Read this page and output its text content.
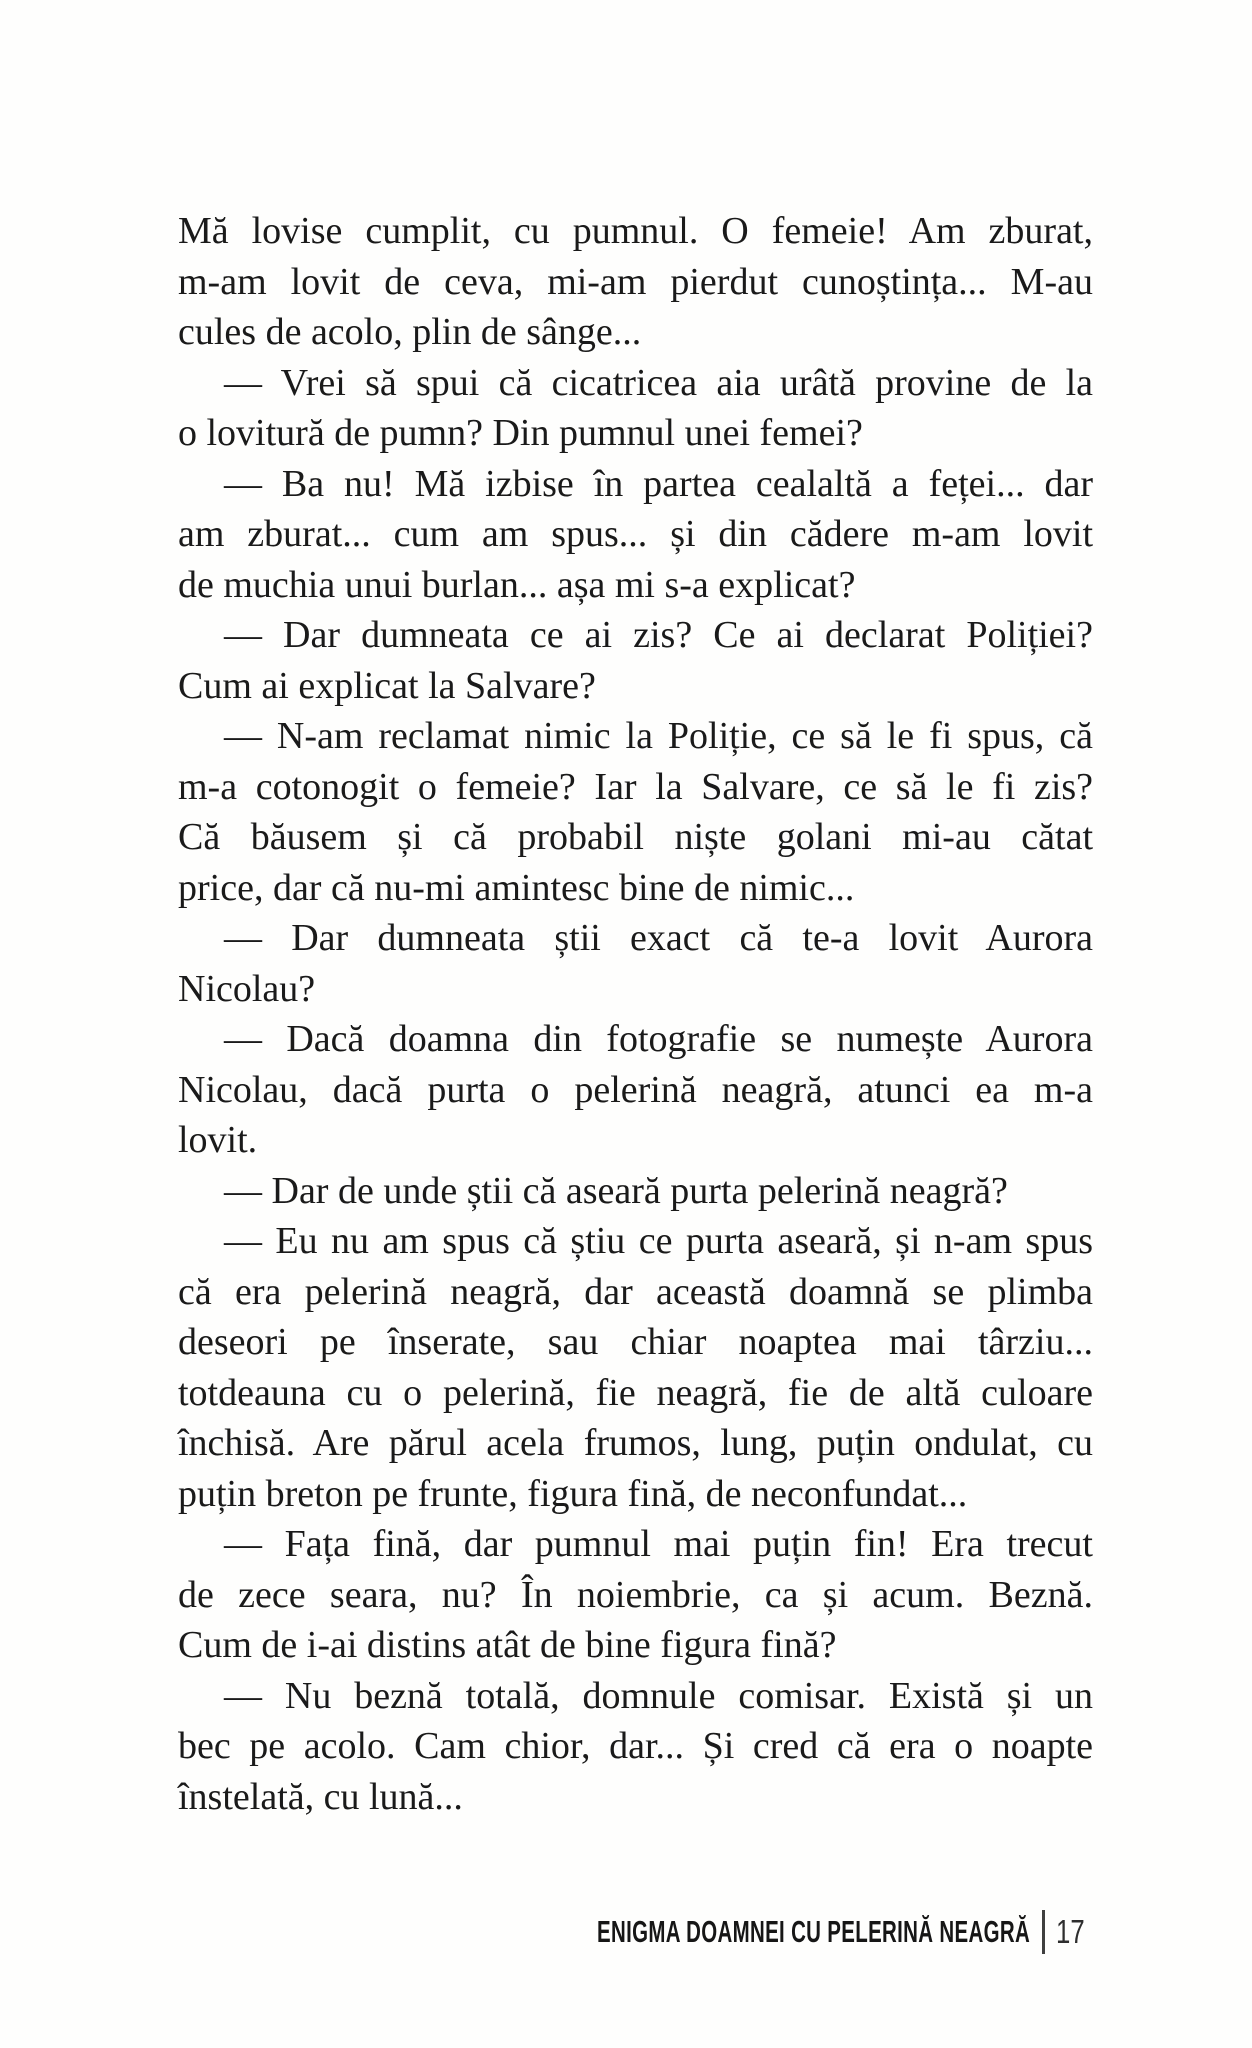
Mă lovise cumplit, cu pumnul. O femeie! Am zburat,
m-am lovit de ceva, mi-am pierdut cunoștința... M-au
cules de acolo, plin de sânge...
— Vrei să spui că cicatricea aia urâtă provine de la
o lovitură de pumn? Din pumnul unei femei?
— Ba nu! Mă izbise în partea cealaltă a feței... dar
am zburat... cum am spus... și din cădere m-am lovit
de muchia unui burlan... așa mi s-a explicat?
— Dar dumneata ce ai zis? Ce ai declarat Poliției?
Cum ai explicat la Salvare?
— N-am reclamat nimic la Poliție, ce să le fi spus, că
m-a cotonogit o femeie? Iar la Salvare, ce să le fi zis?
Că băusem și că probabil niște golani mi-au cătat
price, dar că nu-mi amintesc bine de nimic...
— Dar dumneata știi exact că te-a lovit Aurora
Nicolau?
— Dacă doamna din fotografie se numește Aurora
Nicolau, dacă purta o pelerină neagră, atunci ea m-a
lovit.
— Dar de unde știi că aseară purta pelerină neagră?
— Eu nu am spus că știu ce purta aseară, și n-am spus
că era pelerină neagră, dar această doamnă se plimba
deseori pe înserate, sau chiar noaptea mai târziu...
totdeauna cu o pelerină, fie neagră, fie de altă culoare
închisă. Are părul acela frumos, lung, puțin ondulat, cu
puțin breton pe frunte, figura fină, de neconfundat...
— Fața fină, dar pumnul mai puțin fin! Era trecut
de zece seara, nu? În noiembrie, ca și acum. Beznă.
Cum de i-ai distins atât de bine figura fină?
— Nu beznă totală, domnule comisar. Există și un
bec pe acolo. Cam chior, dar... Și cred că era o noapte
înstelată, cu lună...
ENIGMA DOAMNEI CU PELERINĂ NEAGRĂ 17
